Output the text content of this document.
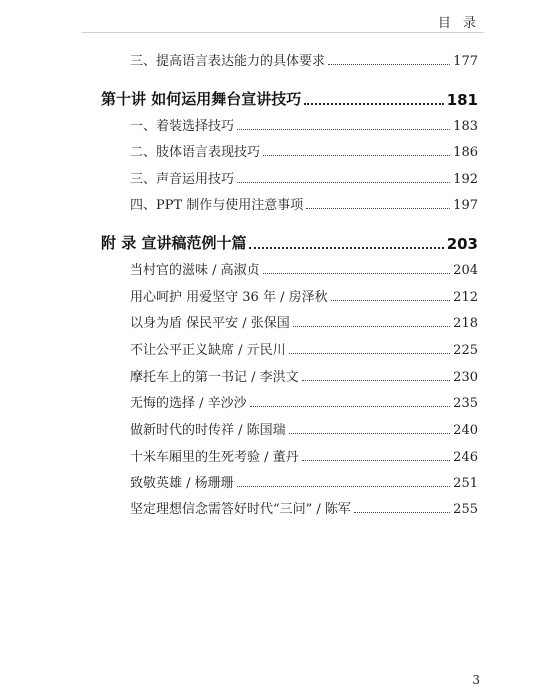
目 录
三、提高语言表达能力的具体要求	177
第十讲 如何运用舞台宣讲技巧	181
一、着装选择技巧	183
二、肢体语言表现技巧	186
三、声音运用技巧	192
四、PPT 制作与使用注意事项	197
附 录 宣讲稿范例十篇	203
当村官的滋味 / 高淑贞	204
用心呵护 用爱坚守 36 年 / 房泽秋	212
以身为盾 保民平安 / 张保国	218
不让公平正义缺席 / 亓民川	225
摩托车上的第一书记 / 李洪文	230
无悔的选择 / 辛沙沙	235
做新时代的时传祥 / 陈国瑞	240
十米车厢里的生死考验 / 董丹	246
致敬英雄 / 杨珊珊	251
坚定理想信念需答好时代“三问” / 陈军	255
3
